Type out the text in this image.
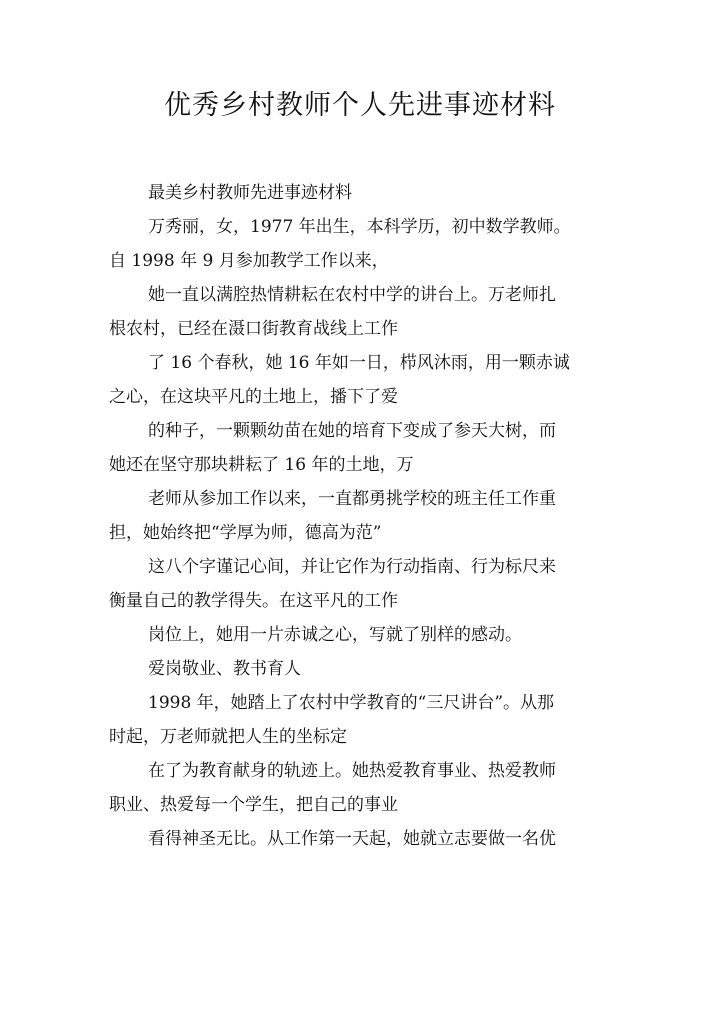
优秀乡村教师个人先进事迹材料

最美乡村教师先进事迹材料

万秀丽，女，1977 年出生，本科学历，初中数学教师。
自 1998 年 9 月参加教学工作以来，

她一直以满腔热情耕耘在农村中学的讲台上。万老师扎
根农村，已经在滠口街教育战线上工作

了 16 个春秋，她 16 年如一日，栉风沐雨，用一颗赤诚
之心，在这块平凡的土地上，播下了爱

的种子，一颗颗幼苗在她的培育下变成了参天大树，而
她还在坚守那块耕耘了 16 年的土地，万

老师从参加工作以来，一直都勇挑学校的班主任工作重
担，她始终把“学厚为师，德高为范”

这八个字谨记心间，并让它作为行动指南、行为标尺来
衡量自己的教学得失。在这平凡的工作

岗位上，她用一片赤诚之心，写就了别样的感动。

爱岗敬业、教书育人

1998 年，她踏上了农村中学教育的“三尺讲台”。从那
时起，万老师就把人生的坐标定

在了为教育献身的轨迹上。她热爱教育事业、热爱教师
职业、热爱每一个学生，把自己的事业

看得神圣无比。从工作第一天起，她就立志要做一名优
